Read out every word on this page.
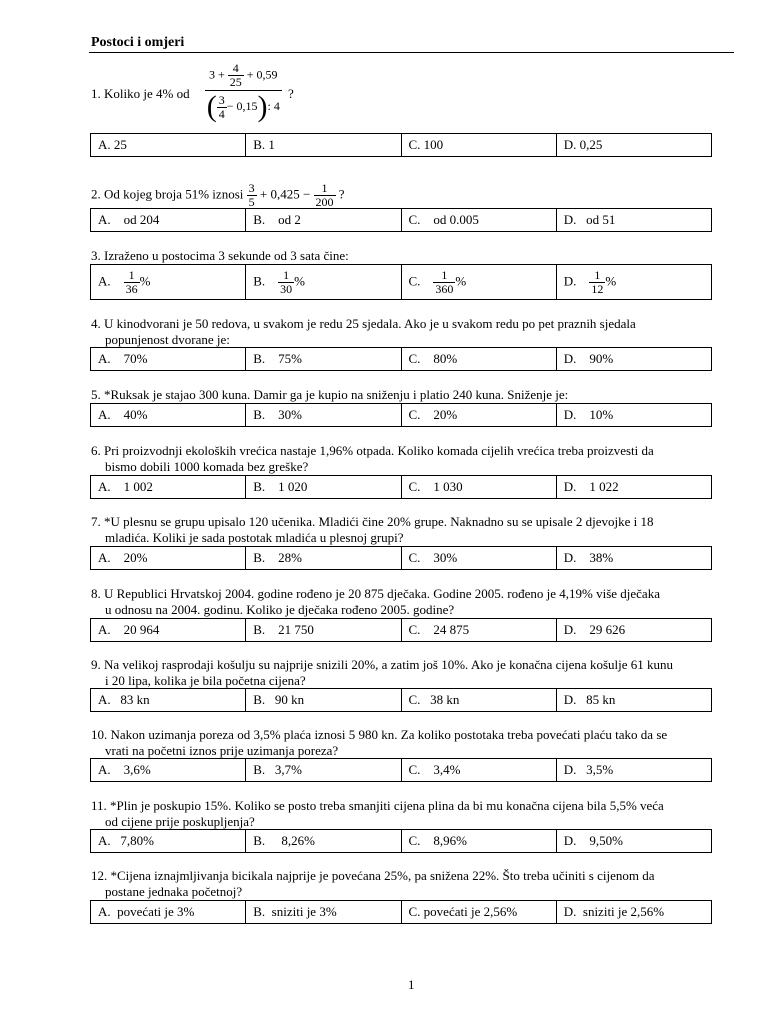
Postoci i omjeri
1. Koliko je 4% od	$\frac{3 + \frac{4}{25} + 0,59}{( \frac{3}{4} - 0,15): 4}$ ?
A. 25	B. 1	C. 100	D. 0,25
2. Od kojeg broja 51% iznosi $\frac{3}{5} + 0,425 - \frac{1}{200}$ ?
A.    od 204	B.    od 2	C.    od 0.005	D.   od 51
3. Izraženo u postocima 3 sekunde od 3 sata čine:
A. $\frac{1}{36}$ %	B. $\frac{1}{30}$ %	C. $\frac{1}{360}$ %	D. $\frac{1}{12}$ %
4. U kinodvorani je 50 redova, u svakom je redu 25 sjedala. Ako je u svakom redu po pet praznih sjedala
popunjenost dvorane je:
A.    70%	B.    75%	C.    80%	D.    90%
5. *Ruksak je stajao 300 kuna. Damir ga je kupio na sniženju i platio 240 kuna. Sniženje je:
A.    40%	B.    30%	C.    20%	D.    10%
6. Pri proizvodnji ekoloških vrećica nastaje 1,96% otpada. Koliko komada cijelih vrećica treba proizvesti da
bismo dobili 1000 komada bez greške?
A.    1 002	B.    1 020	C.    1 030	D.    1 022
7. *U plesnu se grupu upisalo 120 učenika. Mladići čine 20% grupe. Naknadno su se upisale 2 djevojke i 18
mladića. Koliki je sada postotak mladića u plesnoj grupi?
A.    20%	B.    28%	C.    30%	D.    38%
8. U Republici Hrvatskoj 2004. godine rođeno je 20 875 dječaka. Godine 2005. rođeno je 4,19% više dječaka
u odnosu na 2004. godinu. Koliko je dječaka rođeno 2005. godine?
A.    20 964	B.    21 750	C.    24 875	D.    29 626
9. Na velikoj rasprodaji košulju su najprije snizili 20%, a zatim još 10%. Ako je konačna cijena košulje 61 kunu
i 20 lipa, kolika je bila početna cijena?
A.   83 kn	B.   90 kn	C.   38 kn	D.   85 kn
10. Nakon uzimanja poreza od 3,5% plaća iznosi 5 980 kn. Za koliko postotaka treba povećati plaću tako da se
vrati na početni iznos prije uzimanja poreza?
A.    3,6%	B.   3,7%	C.    3,4%	D.   3,5%
11. *Plin je poskupio 15%. Koliko se posto treba smanjiti cijena plina da bi mu konačna cijena bila 5,5% veća
od cijene prije poskupljenja?
A.   7,80%	B.     8,26%	C.    8,96%	D.    9,50%
12. *Cijena iznajmljivanja bicikala najprije je povećana 25%, pa snižena 22%. Što treba učiniti s cijenom da
postane jednaka početnoj?
A.  povećati je 3%	B.  sniziti je 3%	C. povećati je 2,56%	D.  sniziti je 2,56%
1
